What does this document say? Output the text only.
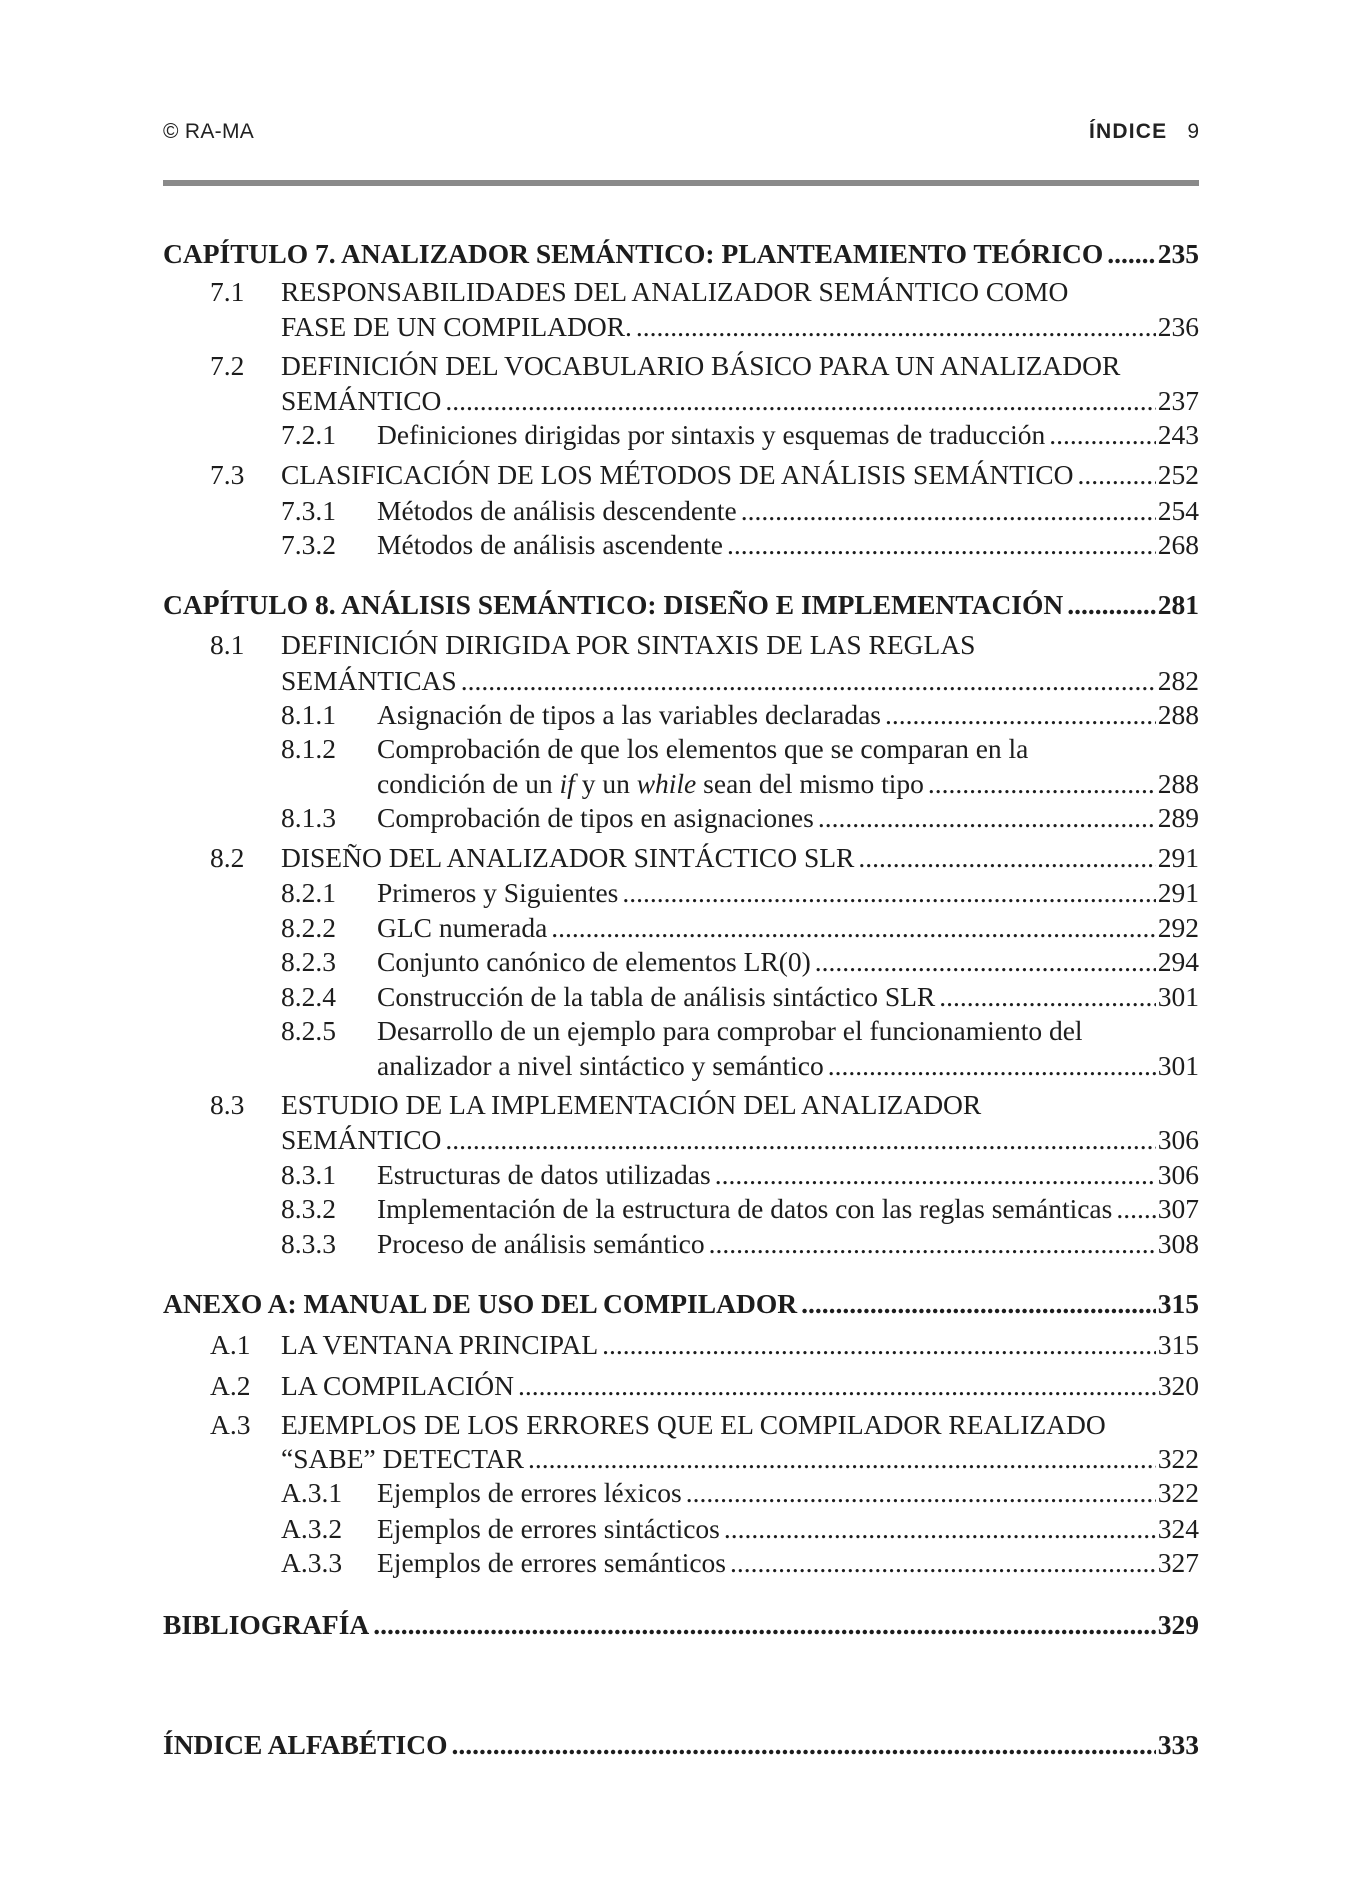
© RA-MA	ÍNDICE 9
CAPÍTULO 7. ANALIZADOR SEMÁNTICO: PLANTEAMIENTO TEÓRICO ..... 235
7.1	RESPONSABILIDADES DEL ANALIZADOR SEMÁNTICO COMO
FASE DE UN COMPILADOR. .....	236
7.2	DEFINICIÓN DEL VOCABULARIO BÁSICO PARA UN ANALIZADOR
SEMÁNTICO .....	237
7.2.1	Definiciones dirigidas por sintaxis y esquemas de traducción .....	243
7.3	CLASIFICACIÓN DE LOS MÉTODOS DE ANÁLISIS SEMÁNTICO .....	252
7.3.1	Métodos de análisis descendente .....	254
7.3.2	Métodos de análisis ascendente .....	268
CAPÍTULO 8. ANÁLISIS SEMÁNTICO: DISEÑO E IMPLEMENTACIÓN .....	281
8.1	DEFINICIÓN DIRIGIDA POR SINTAXIS DE LAS REGLAS
SEMÁNTICAS .....	282
8.1.1	Asignación de tipos a las variables declaradas .....	288
8.1.2	Comprobación de que los elementos que se comparan en la
condición de un if y un while sean del mismo tipo .....	288
8.1.3	Comprobación de tipos en asignaciones .....	289
8.2	DISEÑO DEL ANALIZADOR SINTÁCTICO SLR .....	291
8.2.1	Primeros y Siguientes .....	291
8.2.2	GLC numerada .....	292
8.2.3	Conjunto canónico de elementos LR(0) .....	294
8.2.4	Construcción de la tabla de análisis sintáctico SLR .....	301
8.2.5	Desarrollo de un ejemplo para comprobar el funcionamiento del
analizador a nivel sintáctico y semántico .....	301
8.3	ESTUDIO DE LA IMPLEMENTACIÓN DEL ANALIZADOR
SEMÁNTICO .....	306
8.3.1	Estructuras de datos utilizadas .....	306
8.3.2	Implementación de la estructura de datos con las reglas semánticas ..... 307
8.3.3	Proceso de análisis semántico .....	308
ANEXO A: MANUAL DE USO DEL COMPILADOR .....	315
A.1	LA VENTANA PRINCIPAL .....	315
A.2	LA COMPILACIÓN .....	320
A.3	EJEMPLOS DE LOS ERRORES QUE EL COMPILADOR REALIZADO
“SABE” DETECTAR .....	322
A.3.1	Ejemplos de errores léxicos .....	322
A.3.2	Ejemplos de errores sintácticos .....	324
A.3.3	Ejemplos de errores semánticos .....	327
BIBLIOGRAFÍA .....	329
ÍNDICE ALFABÉTICO .....	333
